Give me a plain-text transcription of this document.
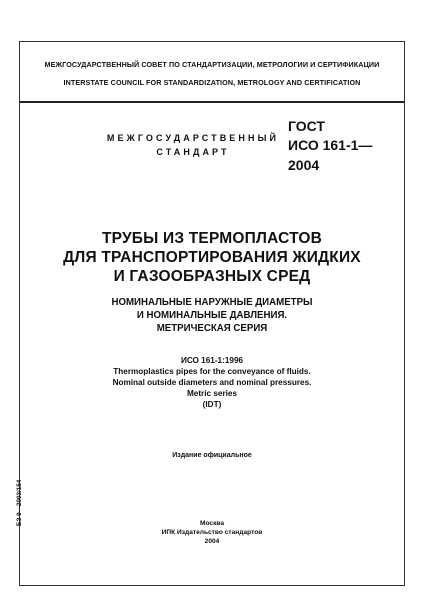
МЕЖГОСУДАРСТВЕННЫЙ СОВЕТ ПО СТАНДАРТИЗАЦИИ, МЕТРОЛОГИИ И СЕРТИФИКАЦИИ
INTERSTATE COUNCIL FOR STANDARDIZATION, METROLOGY AND CERTIFICATION
МЕЖГОСУДАРСТВЕННЫЙ
СТАНДАРТ
ГОСТ
ИСО 161-1—
2004
ТРУБЫ ИЗ ТЕРМОПЛАСТОВ
ДЛЯ ТРАНСПОРТИРОВАНИЯ ЖИДКИХ
И ГАЗООБРАЗНЫХ СРЕД
НОМИНАЛЬНЫЕ НАРУЖНЫЕ ДИАМЕТРЫ
И НОМИНАЛЬНЫЕ ДАВЛЕНИЯ.
МЕТРИЧЕСКАЯ СЕРИЯ
ИСО 161-1:1996
Thermoplastics pipes for the conveyance of fluids.
Nominal outside diameters and nominal pressures.
Metric series
(IDT)
Издание официальное
Москва
ИПК Издательство стандартов
2004
БЗ 9—2003/154
